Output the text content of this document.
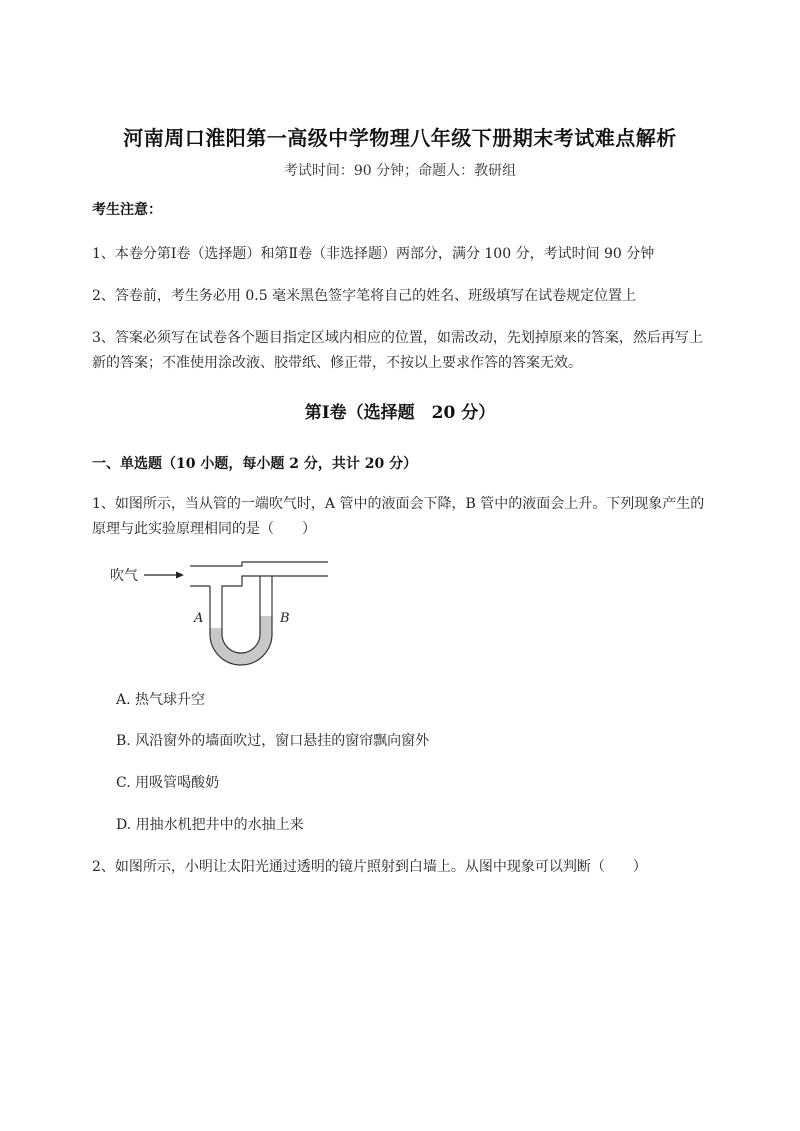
河南周口淮阳第一高级中学物理八年级下册期末考试难点解析
考试时间：90 分钟；命题人：教研组
考生注意：
1、本卷分第Ⅰ卷（选择题）和第Ⅱ卷（非选择题）两部分，满分 100 分，考试时间 90 分钟
2、答卷前，考生务必用 0.5 毫米黑色签字笔将自己的姓名、班级填写在试卷规定位置上
3、答案必须写在试卷各个题目指定区域内相应的位置，如需改动，先划掉原来的答案，然后再写上新的答案；不准使用涂改液、胶带纸、修正带，不按以上要求作答的答案无效。
第Ⅰ卷（选择题　20 分）
一、单选题（10 小题，每小题 2 分，共计 20 分）
1、如图所示，当从管的一端吹气时，A 管中的液面会下降，B 管中的液面会上升。下列现象产生的原理与此实验原理相同的是（　　）
吹气
A	B
A. 热气球升空
B. 风沿窗外的墙面吹过，窗口悬挂的窗帘飘向窗外
C. 用吸管喝酸奶
D. 用抽水机把井中的水抽上来
2、如图所示，小明让太阳光通过透明的镜片照射到白墙上。从图中现象可以判断（　　）
